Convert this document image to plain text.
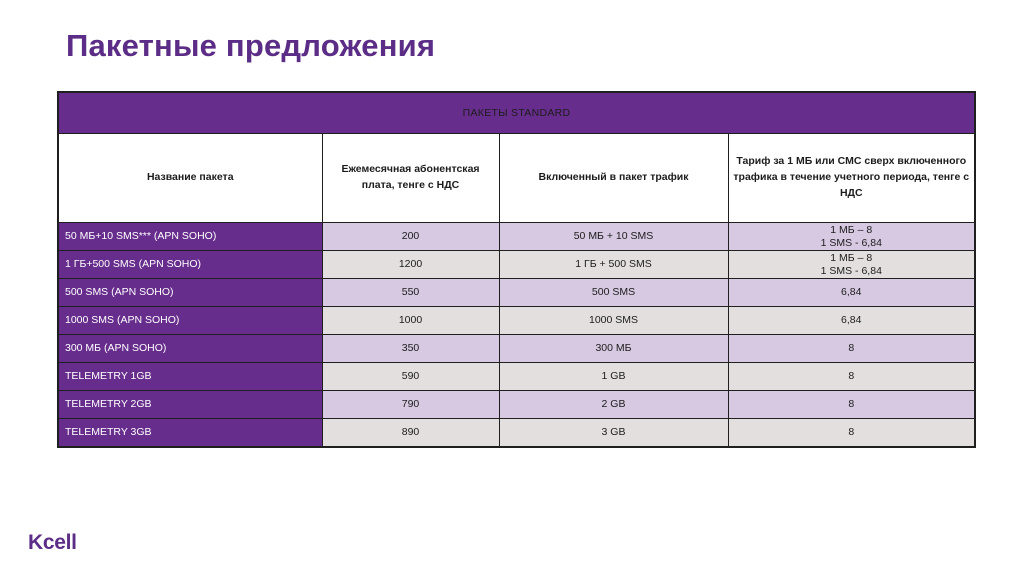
Пакетные предложения
ПАКЕТЫ STANDARD			
Название пакета	Ежемесячная абонентская плата, тенге с НДС	Включенный в пакет трафик	Тариф за 1 МБ или СМС сверх включенного трафика в течение учетного периода, тенге с НДС
50 МБ+10 SMS*** (APN SOHO)	200	50 МБ + 10 SMS	1 МБ – 8
1 SMS - 6,84

1 ГБ+500 SMS (APN SOHO)	1200	1 ГБ + 500 SMS	1 МБ – 8
1 SMS - 6,84

500 SMS (APN SOHO)	550	500 SMS	6,84
1000 SMS (APN SOHO)	1000	1000 SMS	6,84
300 МБ (APN SOHO)	350	300 МБ	8
TELEMETRY 1GB	590	1 GB	8
TELEMETRY 2GB	790	2 GB	8
TELEMETRY 3GB	890	3 GB	8
Kcell
